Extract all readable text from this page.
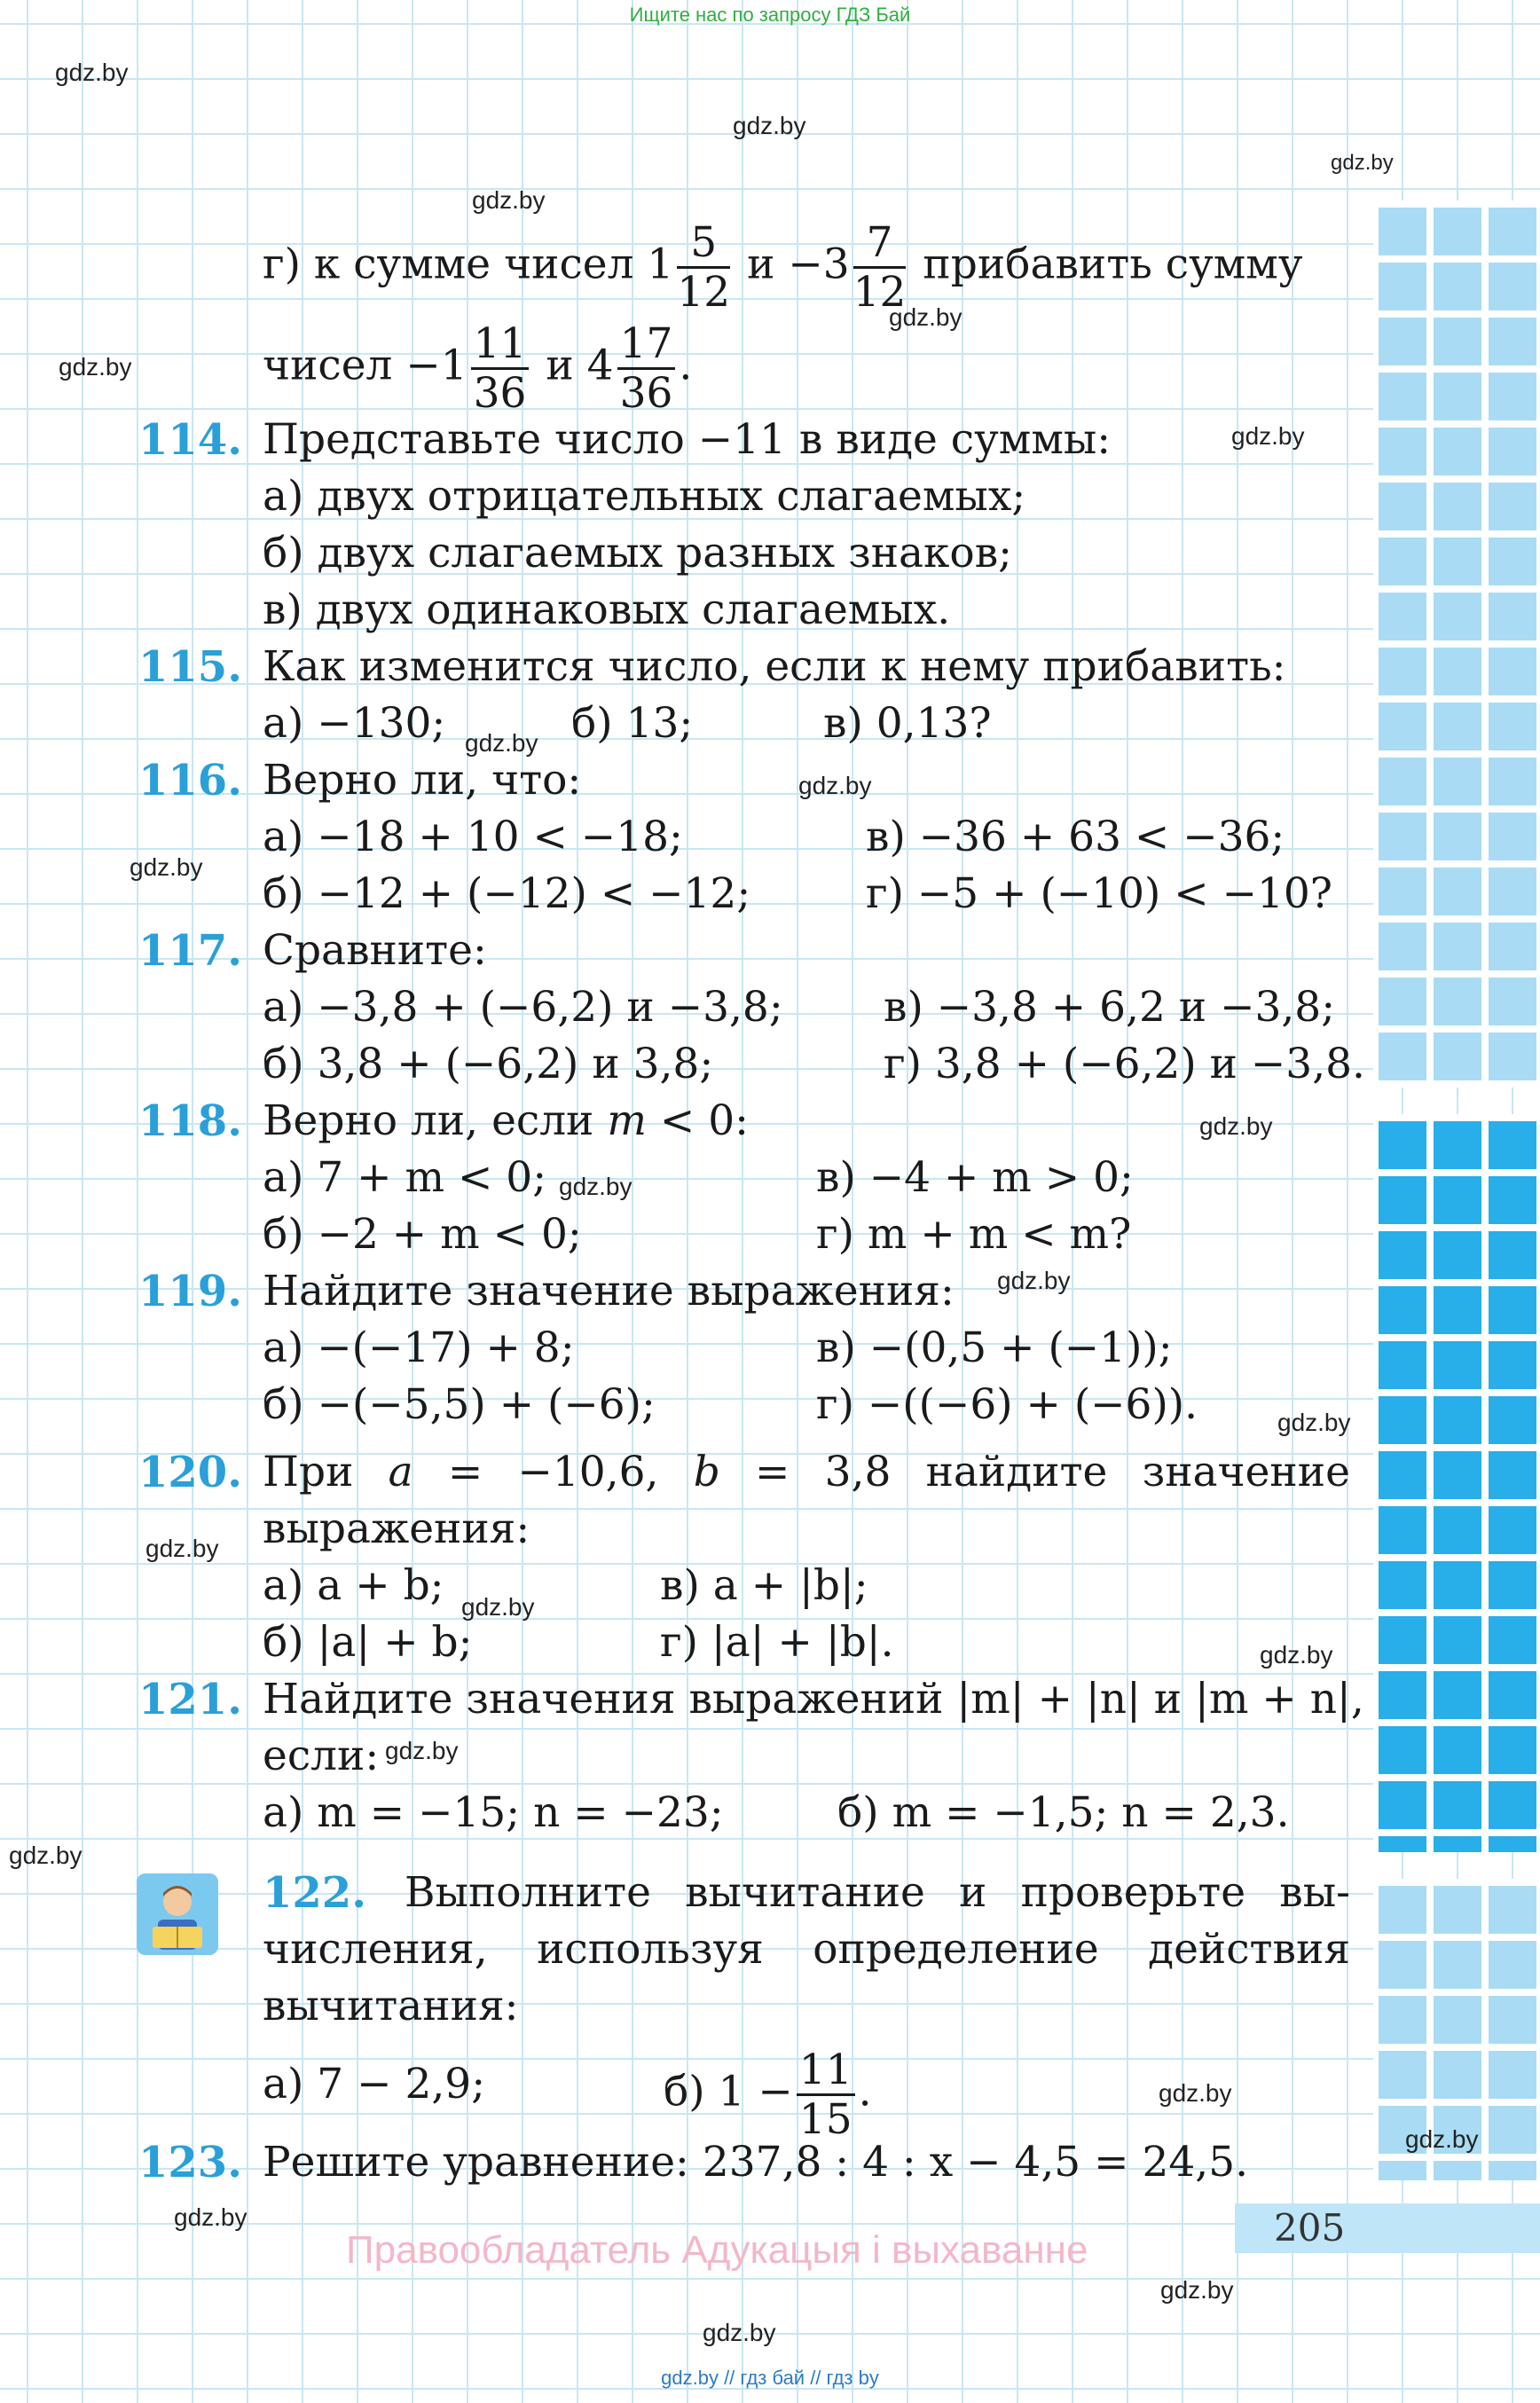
Ищите нас по запросу ГДЗ Бай
gdz.by // гдз бай // гдз by
gdz.by
gdz.by
gdz.by
gdz.by
gdz.by
gdz.by
gdz.by
gdz.by
gdz.by
gdz.by
gdz.by
gdz.by
gdz.by
gdz.by
gdz.by
gdz.by
gdz.by
gdz.by
gdz.by
gdz.by
gdz.by
gdz.by
gdz.by
gdz.by
г) к сумме чисел $1 \frac{5}{12}$ $и -3 \frac{7}{12}$ прибавить сумму
чисел $-1 \frac{11}{36}$ и $4 \frac{17}{36}$ .
114. Представьте число −11 в виде суммы:
а) двух отрицательных слагаемых;
б) двух слагаемых разных знаков;
в) двух одинаковых слагаемых.
115. Как изменится число, если к нему прибавить:
а) −130;	б) 13;	в) 0,13?
116. Верно ли, что:
а) −18 + 10 < −18;	в) −36 + 63 < −36;
б) −12 + (−12) < −12;	г) −5 + (−10) < −10?
117. Сравните:
а) −3,8 + (−6,2) и −3,8; в) −3,8 + 6,2 и −3,8;
б) 3,8 + (−6,2) и 3,8;	г) 3,8 + (−6,2) и −3,8.
118. Верно ли, если m < 0:
а) 7 + m < 0;	в) −4 + m > 0;
б) −2 + m < 0;	г) m + m < m?
119. Найдите значение выражения:
а) −(−17) + 8;	в) −(0,5 + (−1));
б) −(−5,5) + (−6);	г) −((−6) + (−6)).
120. При a = −10,6, b = 3,8 найдите значение
выражения:
а) a + b;	в) a + |b|;
б) |a| + b;	г) |a| + |b|.
121. Найдите значения выражений |m| + |n| и |m + n|,
если:
а) m = −15; n = −23;	б) m = −1,5; n = 2,3.
122. Выполните вычитание и проверьте вы-
числения, используя определение действия
вычитания:
а) 7 − 2,9;	б) $1 - \frac{11}{15}$ .
123. Решите уравнение: 237,8 : 4 : x − 4,5 = 24,5.
205
Правообладатель Адукацыя і выхаванне
